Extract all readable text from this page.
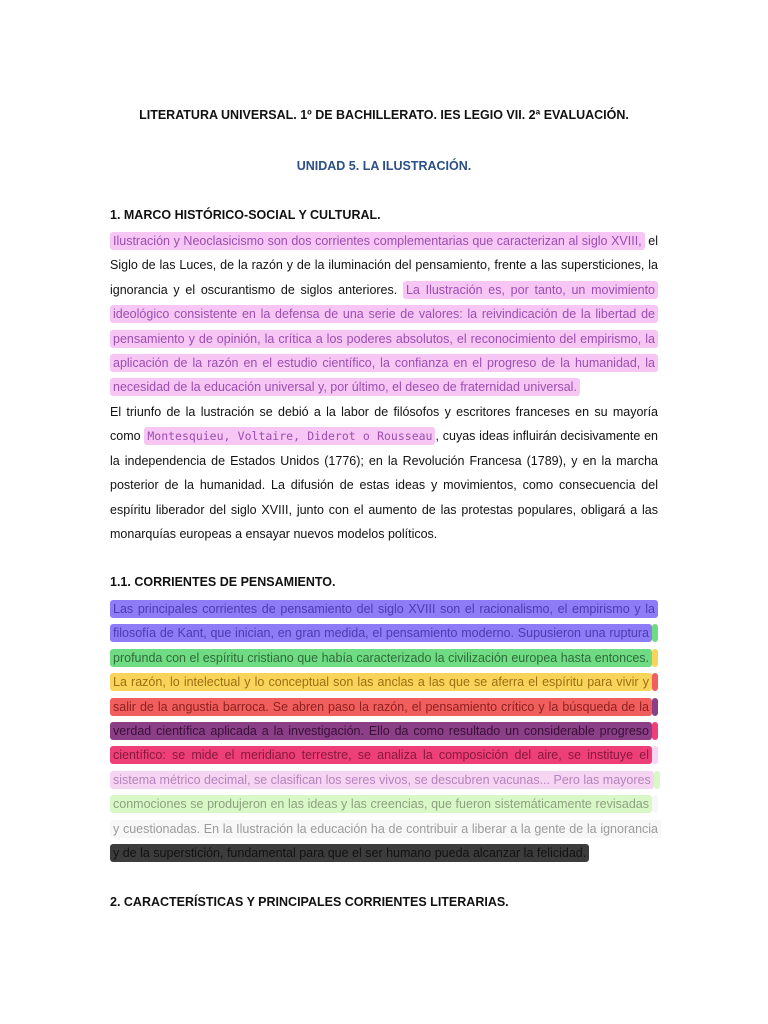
LITERATURA UNIVERSAL. 1º DE BACHILLERATO. IES LEGIO VII. 2ª EVALUACIÓN.
UNIDAD 5. LA ILUSTRACIÓN.
1. MARCO HISTÓRICO-SOCIAL Y CULTURAL.
Ilustración y Neoclasicismo son dos corrientes complementarias que caracterizan al siglo XVIII, el Siglo de las Luces, de la razón y de la iluminación del pensamiento, frente a las supersticiones, la ignorancia y el oscurantismo de siglos anteriores. La Ilustración es, por tanto, un movimiento ideológico consistente en la defensa de una serie de valores: la reivindicación de la libertad de pensamiento y de opinión, la crítica a los poderes absolutos, el reconocimiento del empirismo, la aplicación de la razón en el estudio científico, la confianza en el progreso de la humanidad, la necesidad de la educación universal y, por último, el deseo de fraternidad universal.
El triunfo de la lustración se debió a la labor de filósofos y escritores franceses en su mayoría como Montesquieu, Voltaire, Diderot o Rousseau , cuyas ideas influirán decisivamente en la independencia de Estados Unidos (1776); en la Revolución Francesa (1789), y en la marcha posterior de la humanidad. La difusión de estas ideas y movimientos, como consecuencia del espíritu liberador del siglo XVIII, junto con el aumento de las protestas populares, obligará a las monarquías europeas a ensayar nuevos modelos políticos.
1.1. CORRIENTES DE PENSAMIENTO.
Las principales corrientes de pensamiento del siglo XVIII son el racionalismo, el empirismo y la filosofía de Kant, que inician, en gran medida, el pensamiento moderno. Supusieron una ruptura profunda con el espíritu cristiano que había caracterizado la civilización europea hasta entonces. La razón, lo intelectual y lo conceptual son las anclas a las que se aferra el espíritu para vivir y salir de la angustia barroca. Se abren paso la razón, el pensamiento crítico y la búsqueda de la verdad científica aplicada a la investigación. Ello da como resultado un considerable progreso científico: se mide el meridiano terrestre, se analiza la composición del aire, se instituye el sistema métrico decimal, se clasifican los seres vivos, se descubren vacunas... Pero las mayores conmociones se produjeron en las ideas y las creencias, que fueron sistemáticamente revisadas y cuestionadas. En la Ilustración la educación ha de contribuir a liberar a la gente de la ignorancia y de la superstición, fundamental para que el ser humano pueda alcanzar la felicidad.
2. CARACTERÍSTICAS Y PRINCIPALES CORRIENTES LITERARIAS.
